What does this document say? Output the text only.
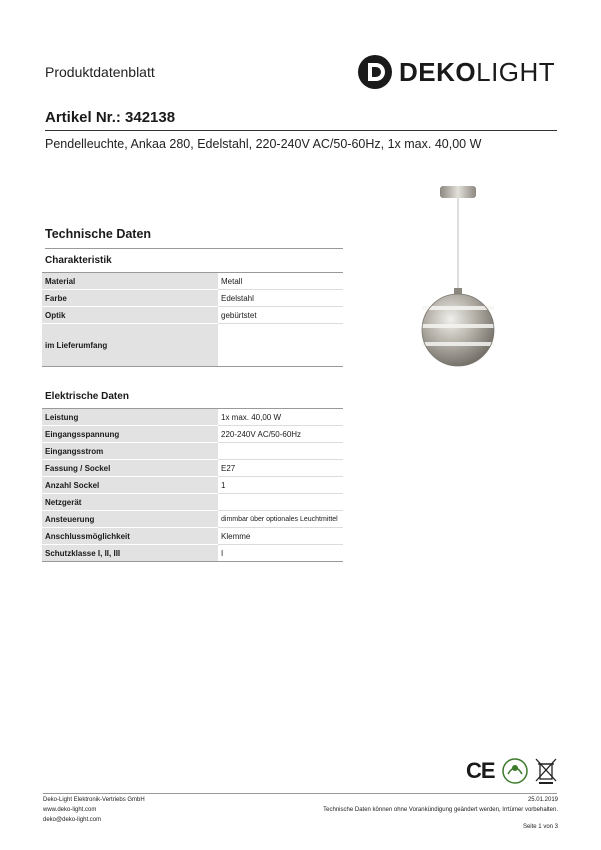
Produktdatenblatt	DEKOLIGHT
Artikel Nr.: 342138
Pendelleuchte, Ankaa 280, Edelstahl, 220-240V AC/50-60Hz, 1x max. 40,00 W
Technische Daten
Charakteristik
Material	Metall
Farbe	Edelstahl
Optik	gebürtstet
im Lieferumfang	
Elektrische Daten
Leistung	1x max. 40,00 W
Eingangsspannung	220-240V AC/50-60Hz
Eingangsstrom	
Fassung / Sockel	E27
Anzahl Sockel	1
Netzgerät	
Ansteuerung	dimmbar über optionales Leuchtmittel
Anschlussmöglichkeit	Klemme
Schutzklasse I, II, III	I
CE
Deko-Light Elektronik-Vertriebs GmbH
www.deko-light.com
deko@deko-light.com
25.01.2019
Technische Daten können ohne Vorankündigung geändert werden, Irrtümer vorbehalten.
Seite 1 von 3
